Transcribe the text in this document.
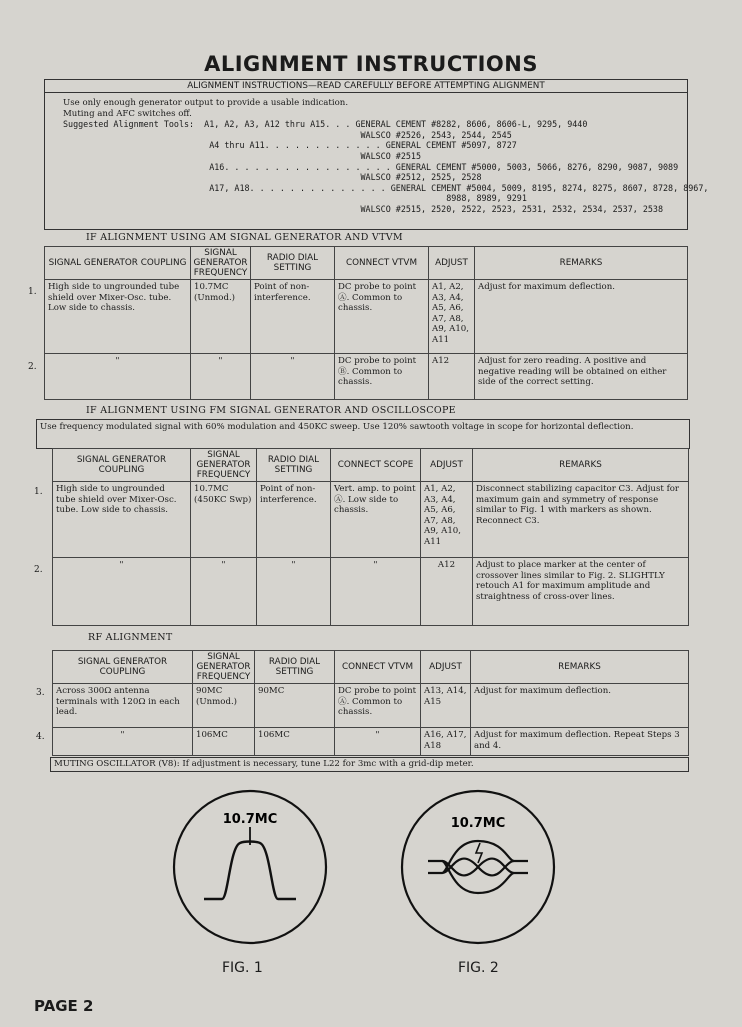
ALIGNMENT INSTRUCTIONS
ALIGNMENT INSTRUCTIONS—READ CAREFULLY BEFORE ATTEMPTING ALIGNMENT
Use only enough generator output to provide a usable indication.
Muting and AFC switches off.
Suggested Alignment Tools:  A1, A2, A3, A12 thru A15. . . GENERAL CEMENT #8282, 8606, 8606-L, 9295, 9440
WALSCO #2526, 2543, 2544, 2545
A4 thru A11. . . . . . . . . . . . GENERAL CEMENT #5097, 8727
WALSCO #2515
A16. . . . . . . . . . . . . . . . . GENERAL CEMENT #5000, 5003, 5066, 8276, 8290, 9087, 9089
WALSCO #2512, 2525, 2528
A17, A18. . . . . . . . . . . . . . GENERAL CEMENT #5004, 5009, 8195, 8274, 8275, 8607, 8728, 8967,
8988, 8989, 9291
WALSCO #2515, 2520, 2522, 2523, 2531, 2532, 2534, 2537, 2538
IF ALIGNMENT USING AM SIGNAL GENERATOR AND VTVM
SIGNAL GENERATOR COUPLING	SIGNAL GENERATOR FREQUENCY	RADIO DIAL SETTING	CONNECT VTVM	ADJUST	REMARKS
High side to ungrounded tube shield over Mixer-Osc. tube. Low side to chassis.	10.7MC (Unmod.)	Point of non-interference.	DC probe to point Ⓐ. Common to chassis.	A1, A2, A3, A4, A5, A6, A7, A8, A9, A10, A11	Adjust for maximum deflection.
"	"	"	DC probe to point Ⓑ. Common to chassis.	A12	Adjust for zero reading. A positive and negative reading will be obtained on either side of the correct setting.
1.
2.
IF ALIGNMENT USING FM SIGNAL GENERATOR AND OSCILLOSCOPE
Use frequency modulated signal with 60% modulation and 450KC sweep. Use 120% sawtooth voltage in scope for horizontal deflection.
SIGNAL GENERATOR COUPLING	SIGNAL GENERATOR FREQUENCY	RADIO DIAL SETTING	CONNECT SCOPE	ADJUST	REMARKS
High side to ungrounded tube shield over Mixer-Osc. tube. Low side to chassis.	10.7MC (450KC Swp)	Point of non-interference.	Vert. amp. to point Ⓐ. Low side to chassis.	A1, A2, A3, A4, A5, A6, A7, A8, A9, A10, A11	Disconnect stabilizing capacitor C3. Adjust for maximum gain and symmetry of response similar to Fig. 1 with markers as shown. Reconnect C3.
"	"	"	"	A12	Adjust to place marker at the center of crossover lines similar to Fig. 2. SLIGHTLY retouch A1 for maximum amplitude and straightness of cross-over lines.
1.
2.
RF ALIGNMENT
SIGNAL GENERATOR COUPLING	SIGNAL GENERATOR FREQUENCY	RADIO DIAL SETTING	CONNECT VTVM	ADJUST	REMARKS
Across 300Ω antenna terminals with 120Ω in each lead.	90MC (Unmod.)	90MC	DC probe to point Ⓐ. Common to chassis.	A13, A14, A15	Adjust for maximum deflection.
"	106MC	106MC	"	A16, A17, A18	Adjust for maximum deflection. Repeat Steps 3 and 4.
3.
4.
MUTING OSCILLATOR (V8): If adjustment is necessary, tune L22 for 3mc with a grid-dip meter.
10.7MC	10.7MC
FIG. 1	FIG. 2
PAGE 2
